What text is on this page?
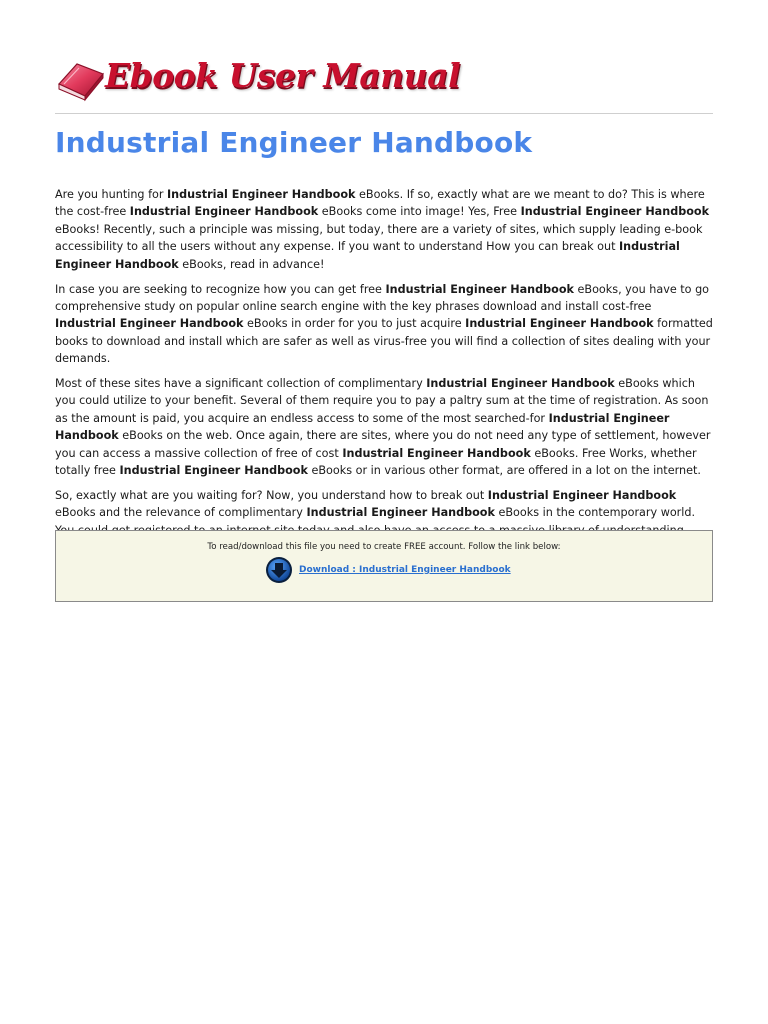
Ebook User Manual
Industrial Engineer Handbook

Are you hunting for Industrial Engineer Handbook eBooks. If so, exactly what are we meant to do? This is where the cost-free Industrial Engineer Handbook eBooks come into image! Yes, Free Industrial Engineer Handbook eBooks! Recently, such a principle was missing, but today, there are a variety of sites, which supply leading e-book accessibility to all the users without any expense. If you want to understand How you can break out Industrial Engineer Handbook eBooks, read in advance!

In case you are seeking to recognize how you can get free Industrial Engineer Handbook eBooks, you have to go comprehensive study on popular online search engine with the key phrases download and install cost-free Industrial Engineer Handbook eBooks in order for you to just acquire Industrial Engineer Handbook formatted books to download and install which are safer as well as virus-free you will find a collection of sites dealing with your demands.

Most of these sites have a significant collection of complimentary Industrial Engineer Handbook eBooks which you could utilize to your benefit. Several of them require you to pay a paltry sum at the time of registration. As soon as the amount is paid, you acquire an endless access to some of the most searched-for Industrial Engineer Handbook eBooks on the web. Once again, there are sites, where you do not need any type of settlement, however you can access a massive collection of free of cost Industrial Engineer Handbook eBooks. Free Works, whether totally free Industrial Engineer Handbook eBooks or in various other format, are offered in a lot on the internet.

So, exactly what are you waiting for? Now, you understand how to break out Industrial Engineer Handbook eBooks and the relevance of complimentary Industrial Engineer Handbook eBooks in the contemporary world.

To read/download this file you need to create FREE account. Follow the link below:
Download : Industrial Engineer Handbook
